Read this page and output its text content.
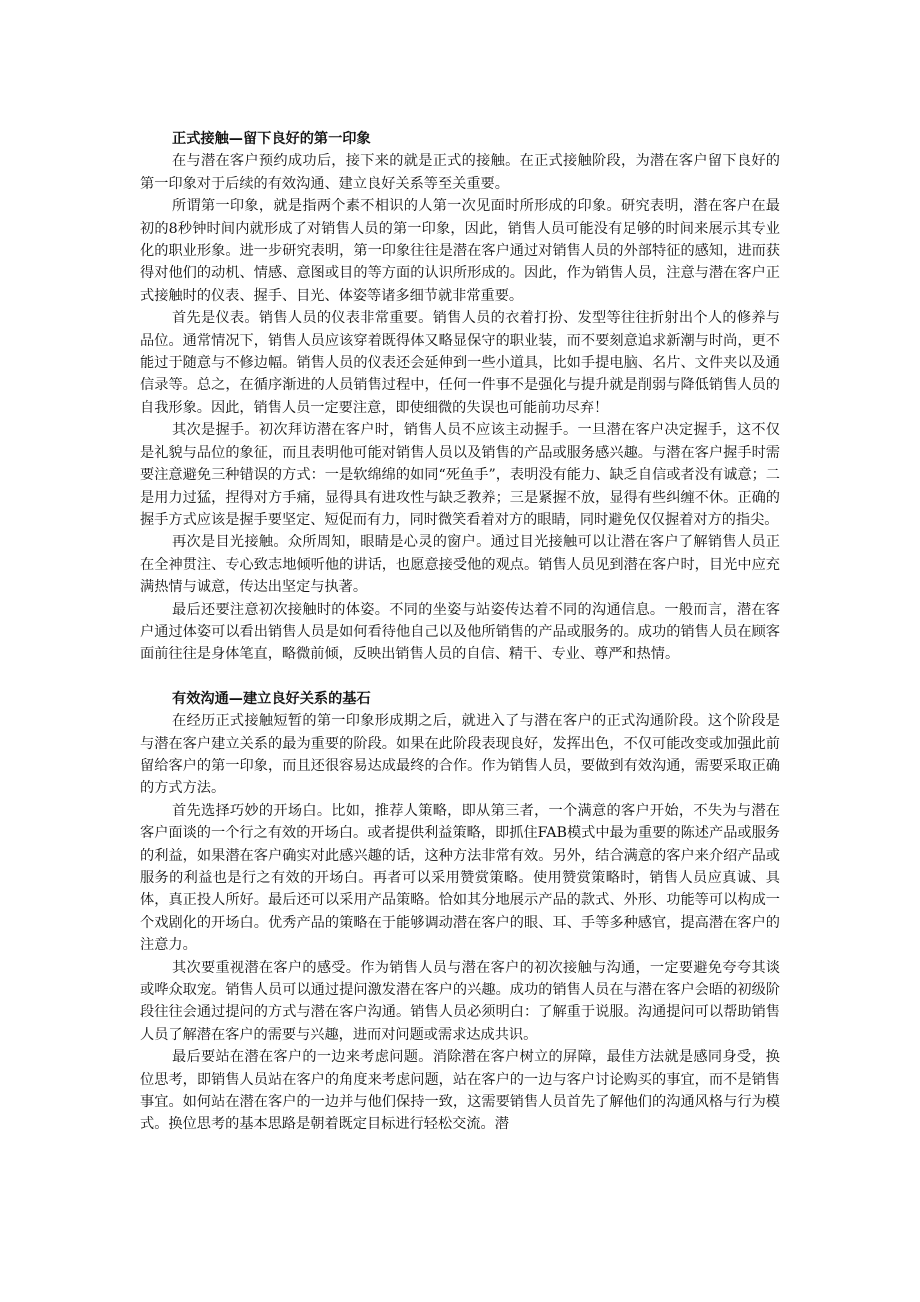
正式接触—留下良好的第一印象

在与潜在客户预约成功后，接下来的就是正式的接触。在正式接触阶段，为潜在客户留下良好的第一印象对于后续的有效沟通、建立良好关系等至关重要。

所谓第一印象，就是指两个素不相识的人第一次见面时所形成的印象。研究表明，潜在客户在最初的8秒钟时间内就形成了对销售人员的第一印象，因此，销售人员可能没有足够的时间来展示其专业化的职业形象。进一步研究表明，第一印象往往是潜在客户通过对销售人员的外部特征的感知，进而获得对他们的动机、情感、意图或目的等方面的认识所形成的。因此，作为销售人员，注意与潜在客户正式接触时的仪表、握手、目光、体姿等诸多细节就非常重要。

首先是仪表。销售人员的仪表非常重要。销售人员的衣着打扮、发型等往往折射出个人的修养与品位。通常情况下，销售人员应该穿着既得体又略显保守的职业装，而不要刻意追求新潮与时尚，更不能过于随意与不修边幅。销售人员的仪表还会延伸到一些小道具，比如手提电脑、名片、文件夹以及通信录等。总之，在循序渐进的人员销售过程中，任何一件事不是强化与提升就是削弱与降低销售人员的自我形象。因此，销售人员一定要注意，即使细微的失误也可能前功尽弃！

其次是握手。初次拜访潜在客户时，销售人员不应该主动握手。一旦潜在客户决定握手，这不仅是礼貌与品位的象征，而且表明他可能对销售人员以及销售的产品或服务感兴趣。与潜在客户握手时需要注意避免三种错误的方式：一是软绵绵的如同“死鱼手”，表明没有能力、缺乏自信或者没有诚意；二是用力过猛，捏得对方手痛，显得具有进攻性与缺乏教养；三是紧握不放，显得有些纠缠不休。正确的握手方式应该是握手要坚定、短促而有力，同时微笑看着对方的眼睛，同时避免仅仅握着对方的指尖。

再次是目光接触。众所周知，眼睛是心灵的窗户。通过目光接触可以让潜在客户了解销售人员正在全神贯注、专心致志地倾听他的讲话，也愿意接受他的观点。销售人员见到潜在客户时，目光中应充满热情与诚意，传达出坚定与执著。

最后还要注意初次接触时的体姿。不同的坐姿与站姿传达着不同的沟通信息。一般而言，潜在客户通过体姿可以看出销售人员是如何看待他自己以及他所销售的产品或服务的。成功的销售人员在顾客面前往往是身体笔直，略微前倾，反映出销售人员的自信、精干、专业、尊严和热情。

有效沟通—建立良好关系的基石

在经历正式接触短暂的第一印象形成期之后，就进入了与潜在客户的正式沟通阶段。这个阶段是与潜在客户建立关系的最为重要的阶段。如果在此阶段表现良好，发挥出色，不仅可能改变或加强此前留给客户的第一印象，而且还很容易达成最终的合作。作为销售人员，要做到有效沟通，需要采取正确的方式方法。

首先选择巧妙的开场白。比如，推荐人策略，即从第三者，一个满意的客户开始，不失为与潜在客户面谈的一个行之有效的开场白。或者提供利益策略，即抓住FAB模式中最为重要的陈述产品或服务的利益，如果潜在客户确实对此感兴趣的话，这种方法非常有效。另外，结合满意的客户来介绍产品或服务的利益也是行之有效的开场白。再者可以采用赞赏策略。使用赞赏策略时，销售人员应真诚、具体，真正投人所好。最后还可以采用产品策略。恰如其分地展示产品的款式、外形、功能等可以构成一个戏剧化的开场白。优秀产品的策略在于能够调动潜在客户的眼、耳、手等多种感官，提高潜在客户的注意力。

其次要重视潜在客户的感受。作为销售人员与潜在客户的初次接触与沟通，一定要避免夸夸其谈或哗众取宠。销售人员可以通过提问激发潜在客户的兴趣。成功的销售人员在与潜在客户会晤的初级阶段往往会通过提问的方式与潜在客户沟通。销售人员必须明白：了解重于说服。沟通提问可以帮助销售人员了解潜在客户的需要与兴趣，进而对问题或需求达成共识。

最后要站在潜在客户的一边来考虑问题。消除潜在客户树立的屏障，最佳方法就是感同身受，换位思考，即销售人员站在客户的角度来考虑问题，站在客户的一边与客户讨论购买的事宜，而不是销售事宜。如何站在潜在客户的一边并与他们保持一致，这需要销售人员首先了解他们的沟通风格与行为模式。换位思考的基本思路是朝着既定目标进行轻松交流。潜
